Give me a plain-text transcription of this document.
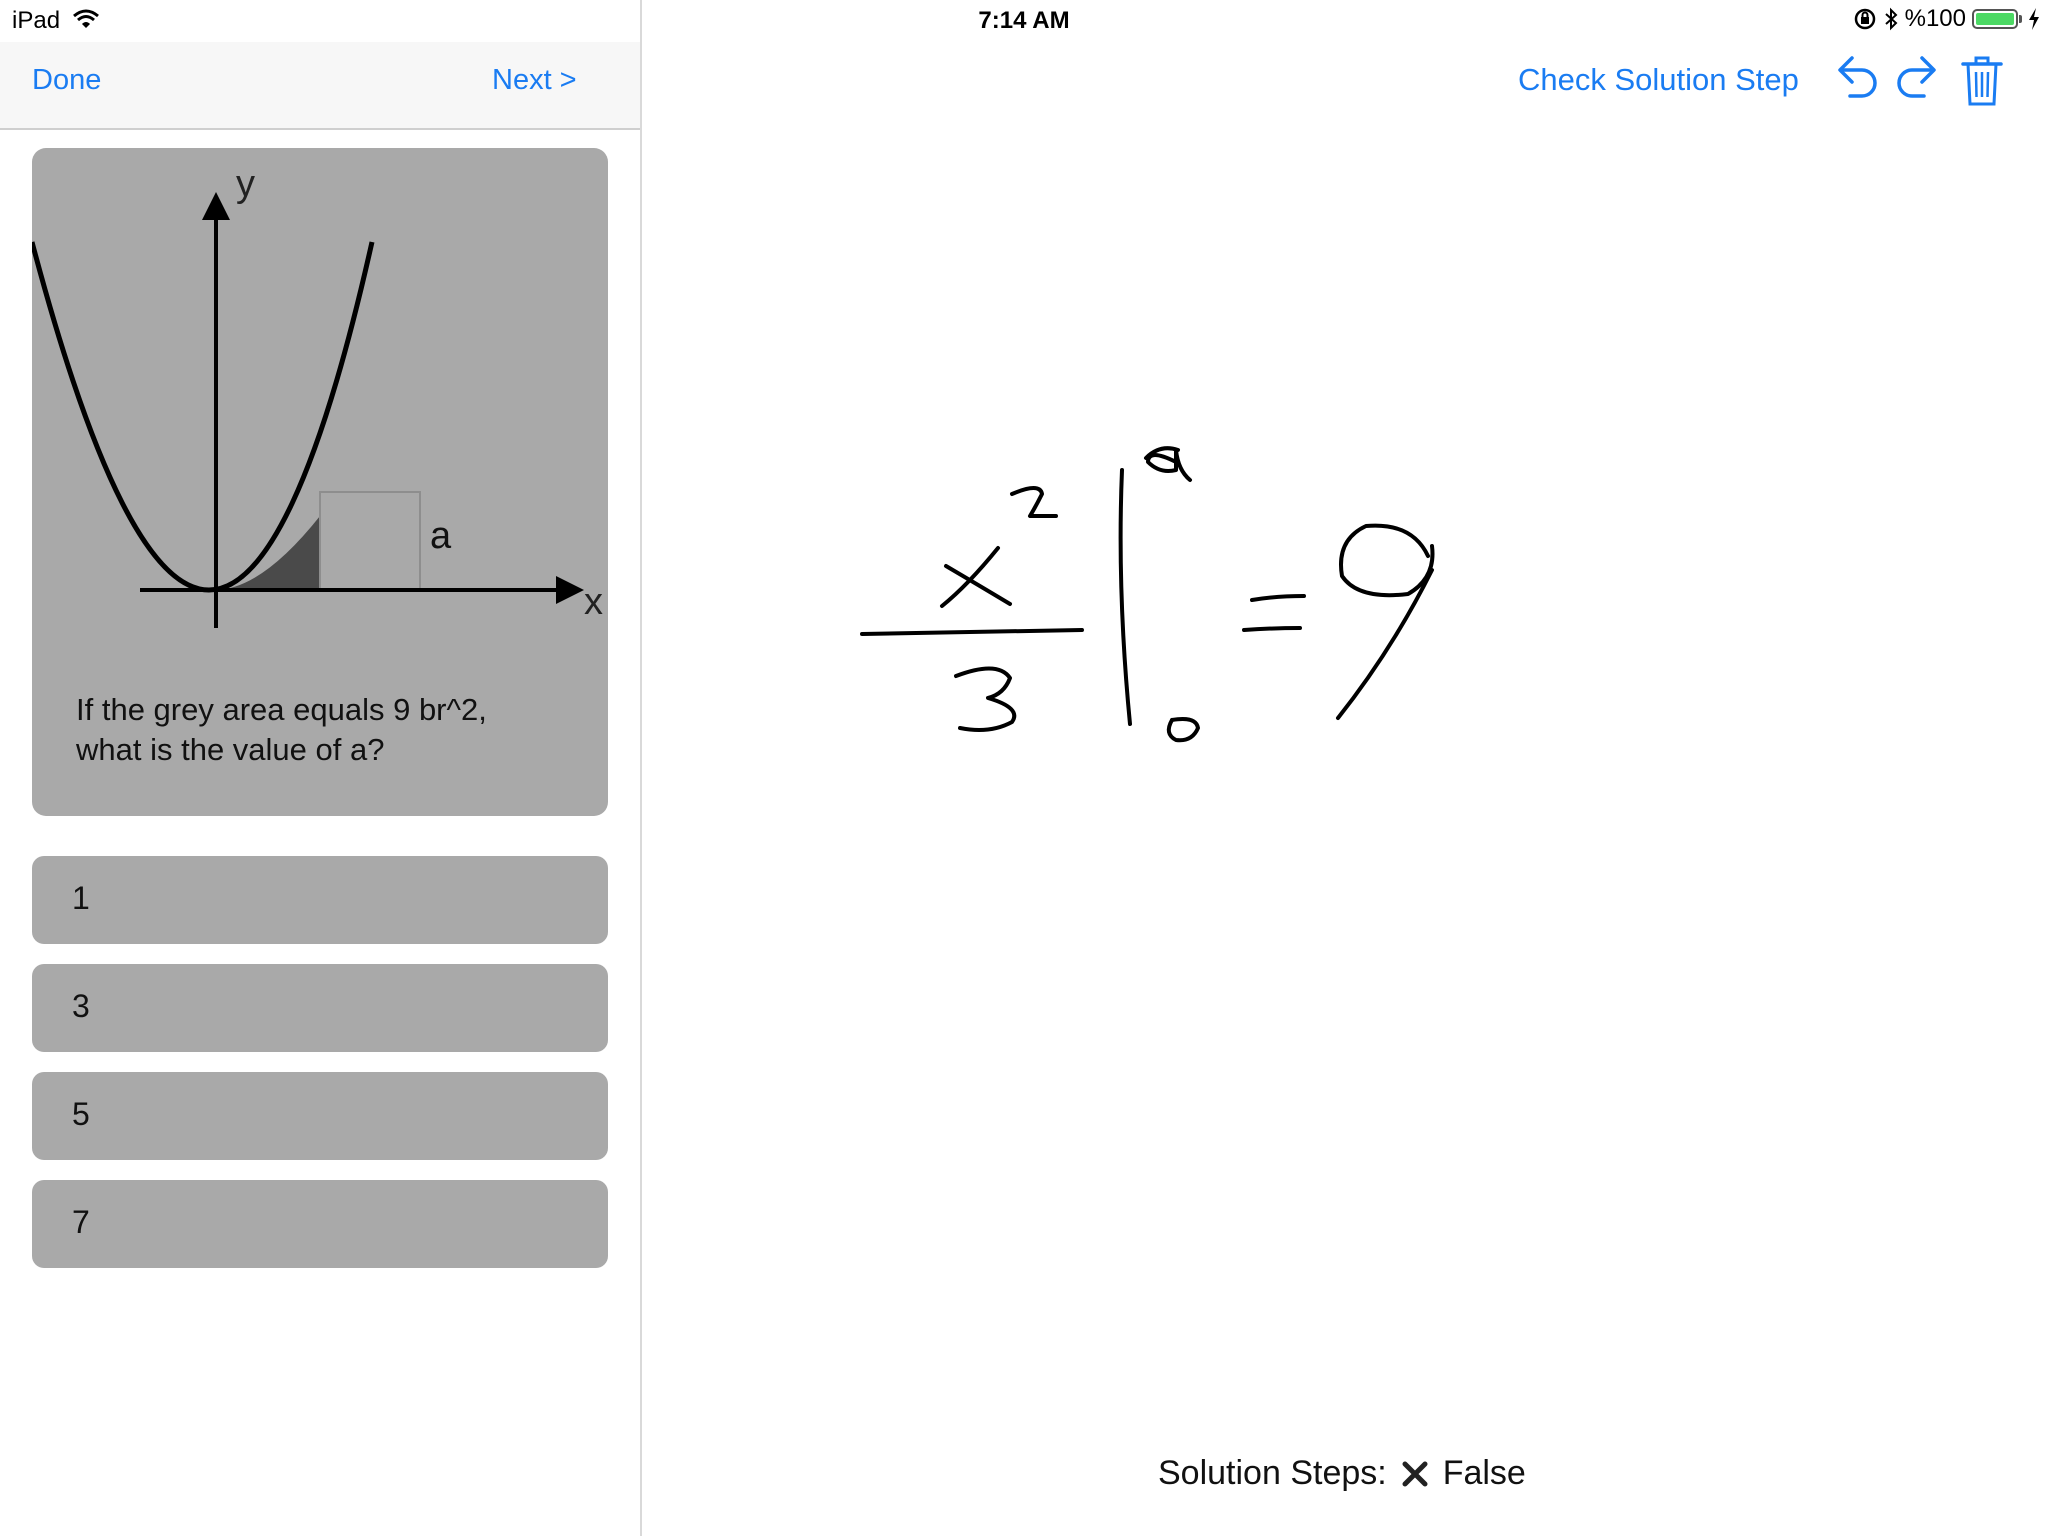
Done	Next >
y
x
a
If the grey area equals 9 br^2,
what is the value of a?
1
3
5
7
iPad	7:14 AM	%100
Check Solution Step
Solution Steps: False
